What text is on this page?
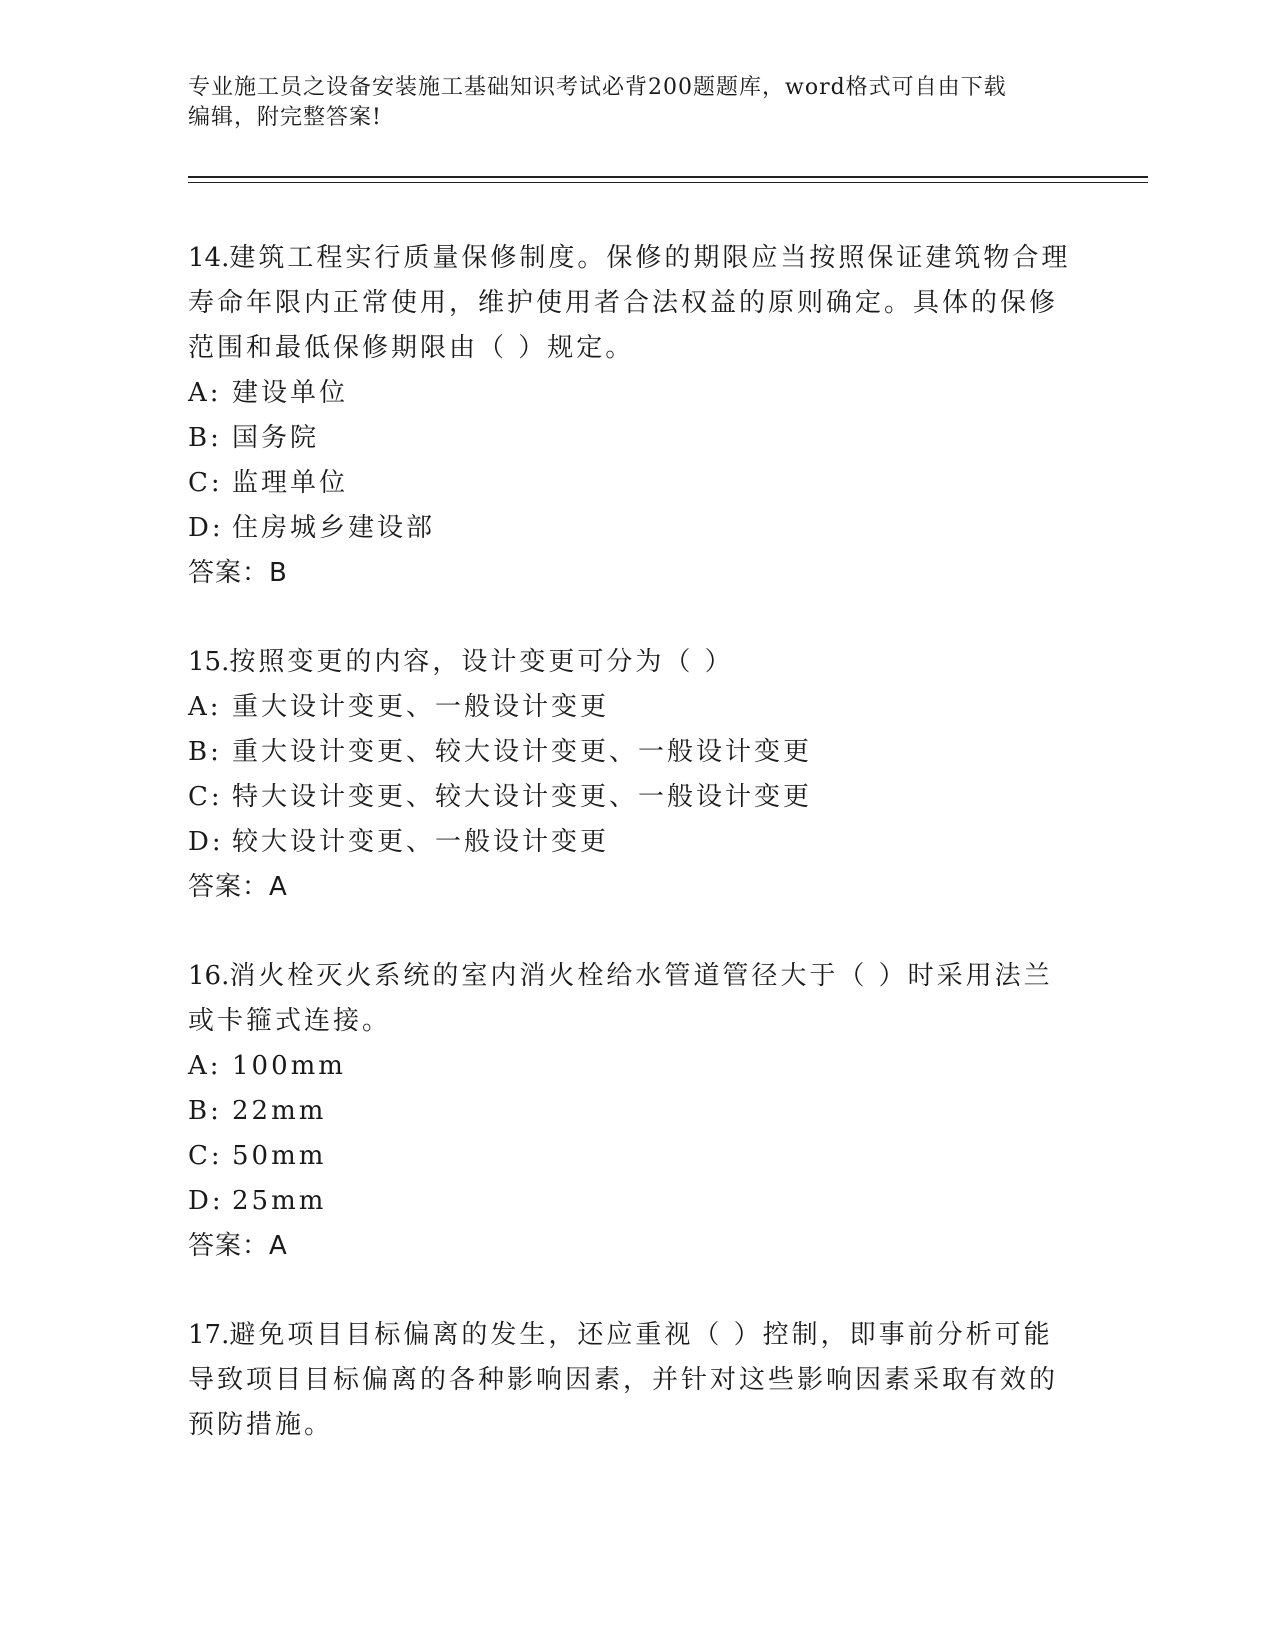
专业施工员之设备安装施工基础知识考试必背200题题库，word格式可自由下载
编辑，附完整答案!
14.建筑工程实行质量保修制度。保修的期限应当按照保证建筑物合理
寿命年限内正常使用，维护使用者合法权益的原则确定。具体的保修
范围和最低保修期限由（ ）规定。
A: 建设单位
B: 国务院
C: 监理单位
D: 住房城乡建设部
答案：B
15.按照变更的内容，设计变更可分为（ ）
A: 重大设计变更、一般设计变更
B: 重大设计变更、较大设计变更、一般设计变更
C: 特大设计变更、较大设计变更、一般设计变更
D: 较大设计变更、一般设计变更
答案：A
16.消火栓灭火系统的室内消火栓给水管道管径大于（ ）时采用法兰
或卡箍式连接。
A: 100mm
B: 22mm
C: 50mm
D: 25mm
答案：A
17.避免项目目标偏离的发生，还应重视（ ）控制，即事前分析可能
导致项目目标偏离的各种影响因素，并针对这些影响因素采取有效的
预防措施。
